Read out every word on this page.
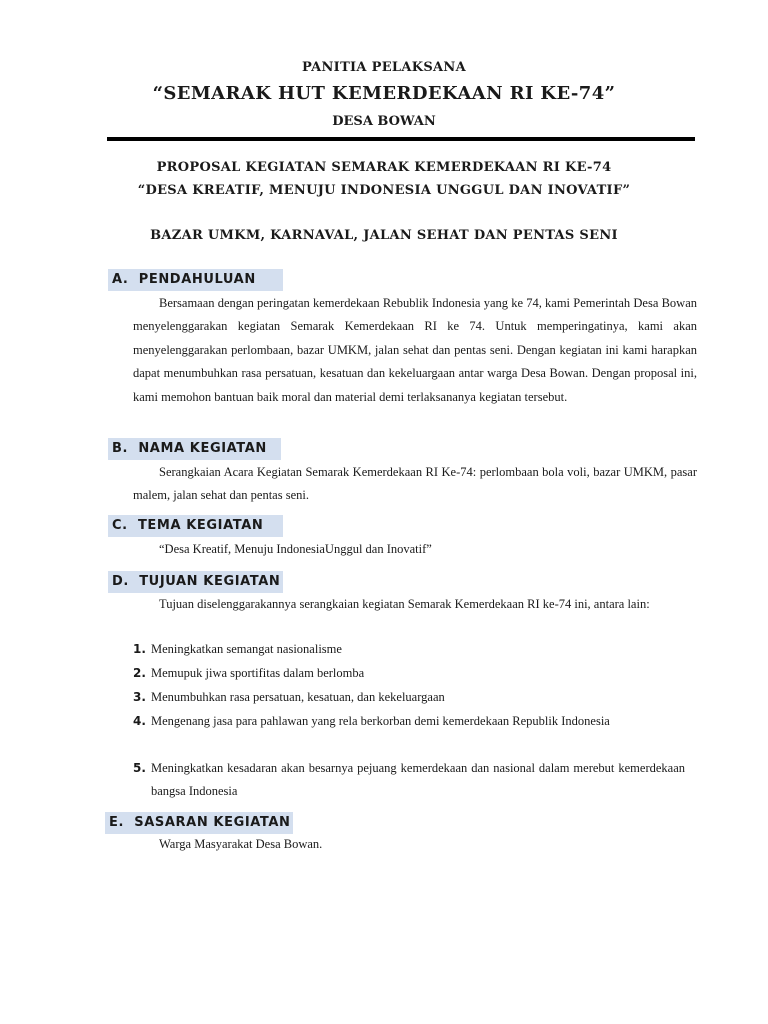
PANITIA PELAKSANA
“SEMARAK HUT KEMERDEKAAN RI KE-74”
DESA BOWAN
PROPOSAL KEGIATAN SEMARAK KEMERDEKAAN RI KE-74
“DESA KREATIF, MENUJU INDONESIA UNGGUL DAN INOVATIF”
BAZAR UMKM, KARNAVAL, JALAN SEHAT DAN PENTAS SENI
A. PENDAHULUAN
Bersamaan dengan peringatan kemerdekaan Rebublik Indonesia yang ke 74, kami Pemerintah Desa Bowan menyelenggarakan kegiatan Semarak Kemerdekaan RI ke 74. Untuk memperingatinya, kami akan menyelenggarakan perlombaan, bazar UMKM, jalan sehat dan pentas seni. Dengan kegiatan ini kami harapkan dapat menumbuhkan rasa persatuan, kesatuan dan kekeluargaan antar warga Desa Bowan. Dengan proposal ini, kami memohon bantuan baik moral dan material demi terlaksananya kegiatan tersebut.
B. NAMA KEGIATAN
Serangkaian Acara Kegiatan Semarak Kemerdekaan RI Ke-74: perlombaan bola voli, bazar UMKM, pasar malem, jalan sehat dan pentas seni.
C. TEMA KEGIATAN
“Desa Kreatif, Menuju IndonesiaUnggul dan Inovatif”
D. TUJUAN KEGIATAN
Tujuan diselenggarakannya serangkaian kegiatan Semarak Kemerdekaan RI ke-74 ini, antara lain:
1. Meningkatkan semangat nasionalisme
2. Memupuk jiwa sportifitas dalam berlomba
3. Menumbuhkan rasa persatuan, kesatuan, dan kekeluargaan
4. Mengenang jasa para pahlawan yang rela berkorban demi kemerdekaan Republik Indonesia
5. Meningkatkan kesadaran akan besarnya pejuang kemerdekaan dan nasional dalam merebut kemerdekaan bangsa Indonesia
E. SASARAN KEGIATAN
Warga Masyarakat Desa Bowan.
